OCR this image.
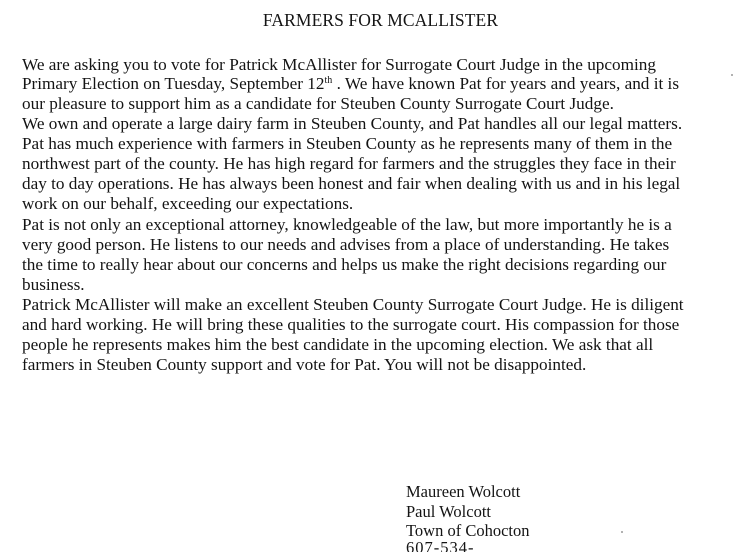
FARMERS FOR MCALLISTER
We are asking you to vote for Patrick McAllister for Surrogate Court Judge in the upcoming
Primary Election on Tuesday, September 12th . We have known Pat for years and years, and it is
our pleasure to support him as a candidate for Steuben County Surrogate Court Judge.
We own and operate a large dairy farm in Steuben County, and Pat handles all our legal matters.
Pat has much experience with farmers in Steuben County as he represents many of them in the
northwest part of the county. He has high regard for farmers and the struggles they face in their
day to day operations. He has always been honest and fair when dealing with us and in his legal
work on our behalf, exceeding our expectations.
Pat is not only an exceptional attorney, knowledgeable of the law, but more importantly he is a
very good person. He listens to our needs and advises from a place of understanding. He takes
the time to really hear about our concerns and helps us make the right decisions regarding our
business.
Patrick McAllister will make an excellent Steuben County Surrogate Court Judge. He is diligent
and hard working. He will bring these qualities to the surrogate court. His compassion for those
people he represents makes him the best candidate in the upcoming election. We ask that all
farmers in Steuben County support and vote for Pat. You will not be disappointed.
Maureen Wolcott
Paul Wolcott
Town of Cohocton
607-534-
